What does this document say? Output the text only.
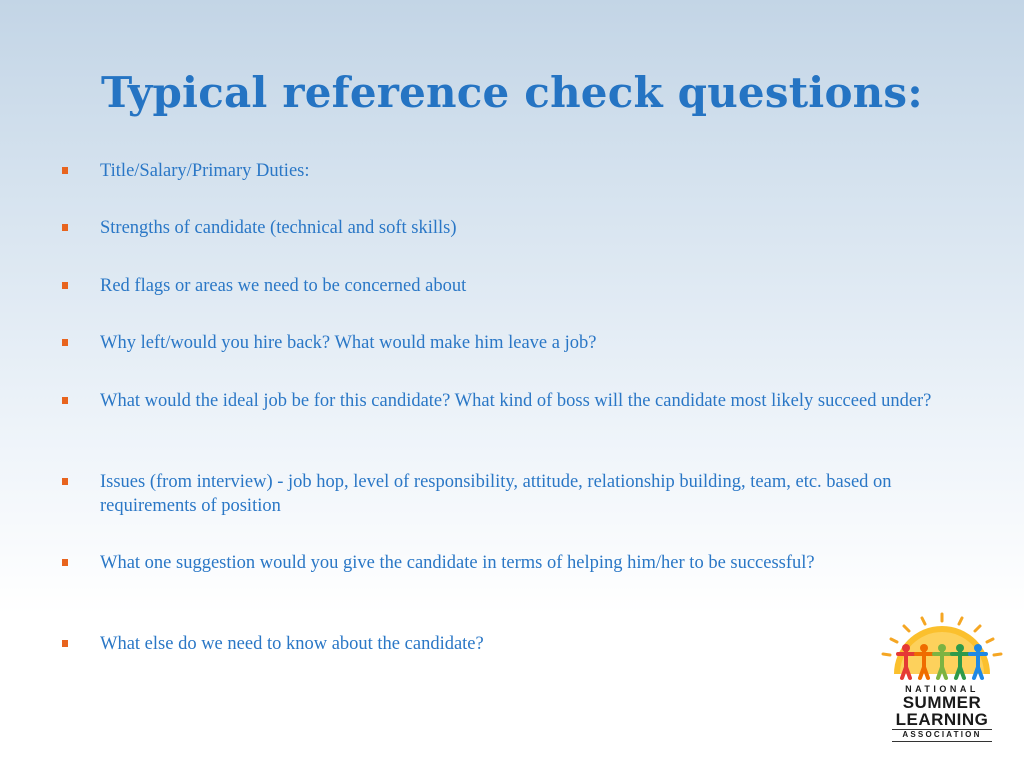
Typical reference check questions:
Title/Salary/Primary Duties:
Strengths of candidate (technical and soft skills)
Red flags or areas we need to be concerned about
Why left/would you hire back? What would make him leave a job?
What would the ideal job be for this candidate? What kind of boss will the candidate most likely succeed under?
Issues (from interview) - job hop, level of responsibility, attitude, relationship building, team, etc. based on requirements of position
What one suggestion would you give the candidate in terms of helping him/her to be successful?
What else do we need to know about the candidate?
NATIONAL
SUMMER
LEARNING
ASSOCIATION
